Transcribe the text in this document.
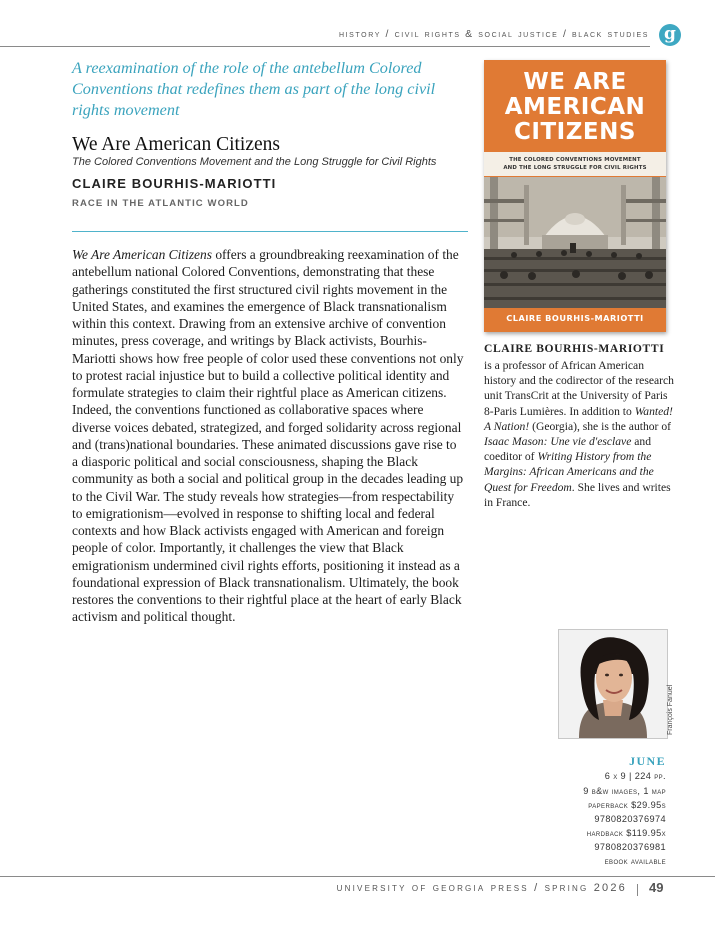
history / civil rights & social justice / black studies g
A reexamination of the role of the antebellum Colored Conventions that redefines them as part of the long civil rights movement
We Are American Citizens
The Colored Conventions Movement and the Long Struggle for Civil Rights
CLAIRE BOURHIS-MARIOTTI
RACE IN THE ATLANTIC WORLD

We Are American Citizens offers a groundbreaking reexamination of the antebellum national Colored Conventions, demonstrating that these gatherings constituted the first structured civil rights movement in the United States, and examines the emergence of Black transnationalism within this context. Drawing from an extensive archive of convention minutes, press coverage, and writings by Black activists, Bourhis-Mariotti shows how free people of color used these conventions not only to protest racial injustice but to build a collective political identity and formulate strategies to claim their rightful place as American citizens. Indeed, the conventions functioned as collaborative spaces where diverse voices debated, strategized, and forged solidarity across regional and (trans)national boundaries. These animated discussions gave rise to a diasporic political and social consciousness, shaping the Black community as both a social and political group in the decades leading up to the Civil War. The study reveals how strategies—from respectability to emigrationism—evolved in response to shifting local and federal contexts and how Black activists engaged with American and foreign people of color. Importantly, it challenges the view that Black emigrationism undermined civil rights efforts, positioning it instead as a foundational expression of Black transnationalism. Ultimately, the book restores the conventions to their rightful place at the heart of early Black activism and political thought.

WE ARE
AMERICAN
CITIZENS
THE COLORED CONVENTIONS MOVEMENT
AND THE LONG STRUGGLE FOR CIVIL RIGHTS
CLAIRE BOURHIS-MARIOTTI
CLAIRE BOURHIS-MARIOTTI

is a professor of African American history and the codirector of the research unit TransCrit at the University of Paris 8-Paris Lumières. In addition to Wanted! A Nation! (Georgia), she is the author of Isaac Mason: Une vie d'esclave and coeditor of Writing History from the Margins: African Americans and the Quest for Freedom. She lives and writes in France.

François Fanuel
JUNE
6 x 9 | 224 pp.
9 b&w images, 1 map
paperback $29.95s
9780820376974
hardback $119.95x
9780820376981
ebook available
university of georgia press / spring 2026 49
